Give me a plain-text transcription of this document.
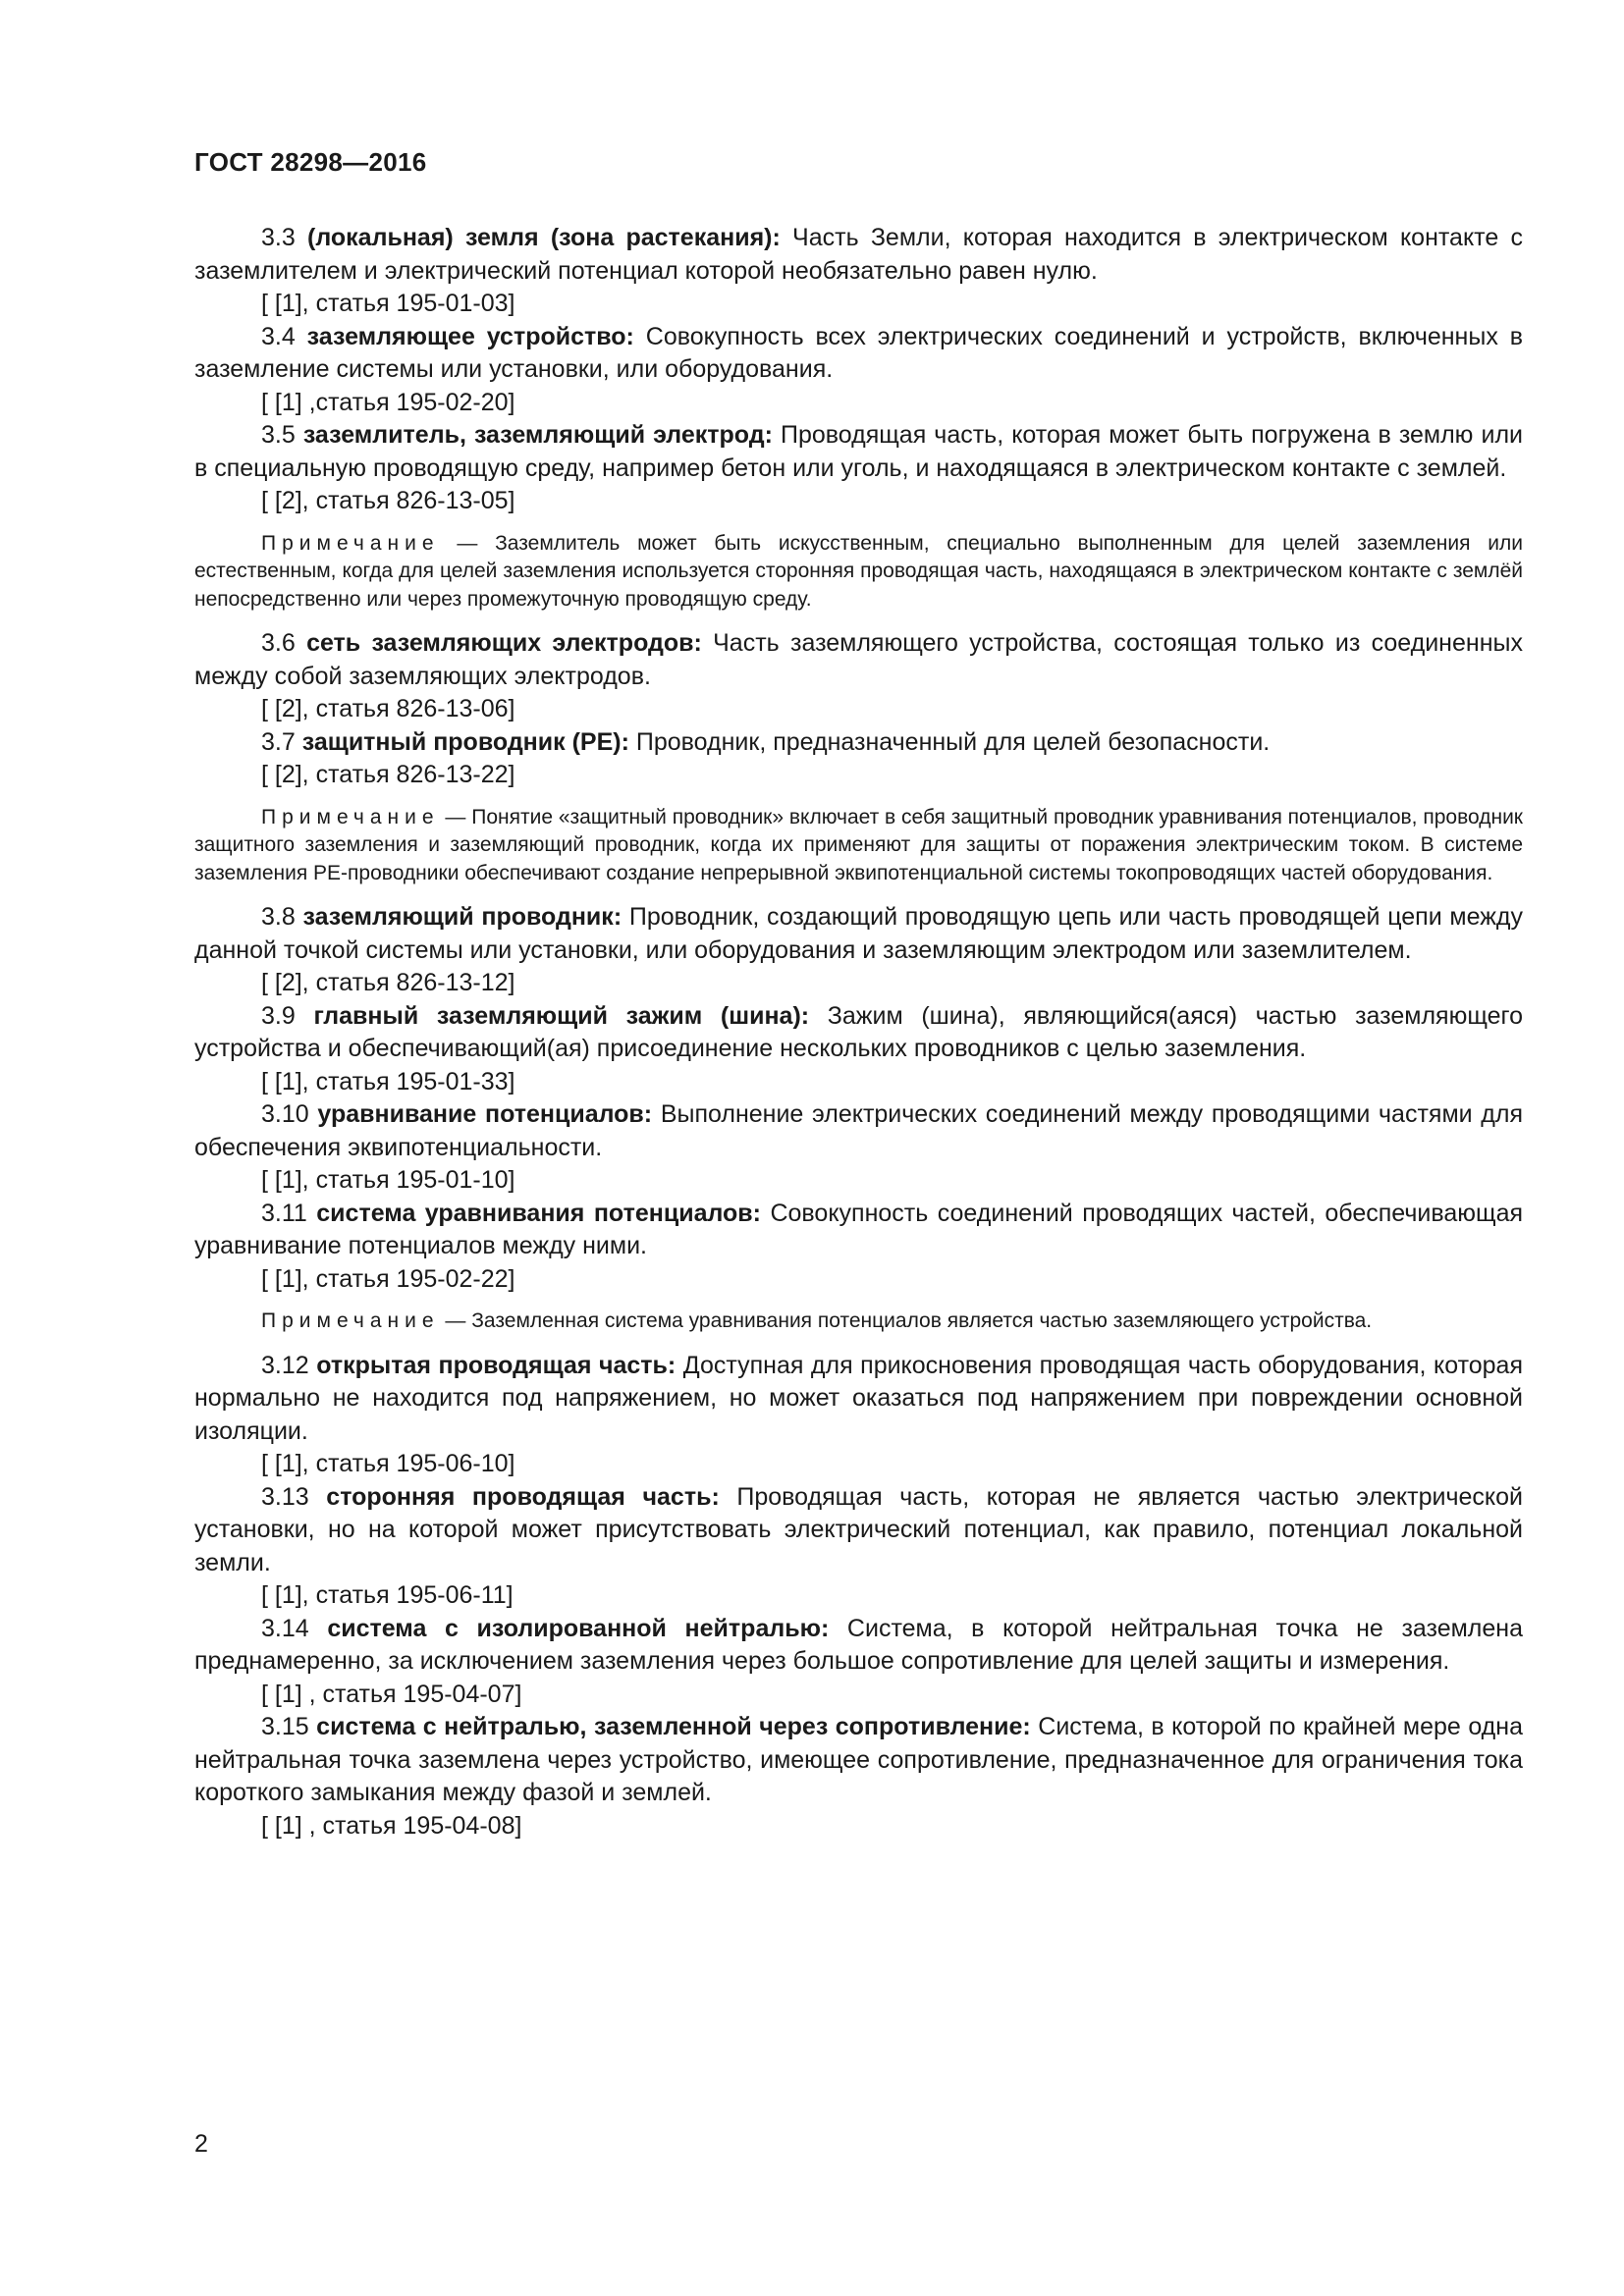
ГОСТ 28298—2016

3.3 (локальная) земля (зона растекания): Часть Земли, которая находится в электрическом контакте с заземлителем и электрический потенциал которой необязательно равен нулю.

[ [1], статья 195-01-03]

3.4 заземляющее устройство: Совокупность всех электрических соединений и устройств, включенных в заземление системы или установки, или оборудования.

[ [1] ,статья 195-02-20]

3.5 заземлитель, заземляющий электрод: Проводящая часть, которая может быть погружена в землю или в специальную проводящую среду, например бетон или уголь, и находящаяся в электрическом контакте с землей.

[ [2], статья 826-13-05]

Примечание — Заземлитель может быть искусственным, специально выполненным для целей заземления или естественным, когда для целей заземления используется сторонняя проводящая часть, находящаяся в электрическом контакте с землёй непосредственно или через промежуточную проводящую среду.

3.6 сеть заземляющих электродов: Часть заземляющего устройства, состоящая только из соединенных между собой заземляющих электродов.

[ [2], статья 826-13-06]

3.7 защитный проводник (PE): Проводник, предназначенный для целей безопасности.

[ [2], статья 826-13-22]

Примечание — Понятие «защитный проводник» включает в себя защитный проводник уравнивания потенциалов, проводник защитного заземления и заземляющий проводник, когда их применяют для защиты от поражения электрическим током. В системе заземления PE-проводники обеспечивают создание непрерывной эквипотенциальной системы токопроводящих частей оборудования.

3.8 заземляющий проводник: Проводник, создающий проводящую цепь или часть проводящей цепи между данной точкой системы или установки, или оборудования и заземляющим электродом или заземлителем.

[ [2], статья 826-13-12]

3.9 главный заземляющий зажим (шина): Зажим (шина), являющийся(аяся) частью заземляющего устройства и обеспечивающий(ая) присоединение нескольких проводников с целью заземления.

[ [1], статья 195-01-33]

3.10 уравнивание потенциалов: Выполнение электрических соединений между проводящими частями для обеспечения эквипотенциальности.

[ [1], статья 195-01-10]

3.11 система уравнивания потенциалов: Совокупность соединений проводящих частей, обеспечивающая уравнивание потенциалов между ними.

[ [1], статья 195-02-22]

Примечание — Заземленная система уравнивания потенциалов является частью заземляющего устройства.

3.12 открытая проводящая часть: Доступная для прикосновения проводящая часть оборудования, которая нормально не находится под напряжением, но может оказаться под напряжением при повреждении основной изоляции.

[ [1], статья 195-06-10]

3.13 сторонняя проводящая часть: Проводящая часть, которая не является частью электрической установки, но на которой может присутствовать электрический потенциал, как правило, потенциал локальной земли.

[ [1], статья 195-06-11]

3.14 система с изолированной нейтралью: Система, в которой нейтральная точка не заземлена преднамеренно, за исключением заземления через большое сопротивление для целей защиты и измерения.

[ [1] , статья 195-04-07]

3.15 система с нейтралью, заземленной через сопротивление: Система, в которой по крайней мере одна нейтральная точка заземлена через устройство, имеющее сопротивление, предназначенное для ограничения тока короткого замыкания между фазой и землей.

[ [1] , статья 195-04-08]

2
